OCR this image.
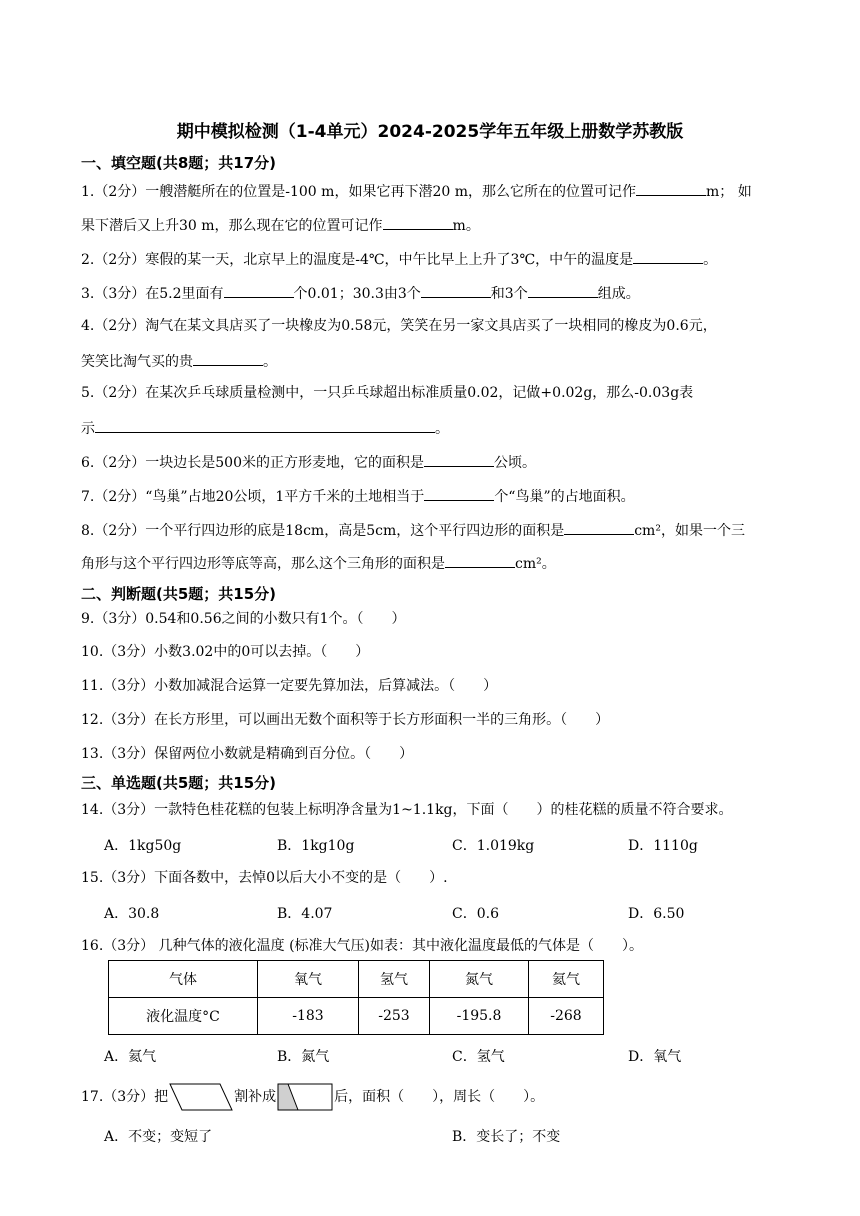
期中模拟检测（1-4单元）2024-2025学年五年级上册数学苏教版
一、填空题(共8题；共17分)
1.（2分）一艘潜艇所在的位置是-100 m，如果它再下潜20 m，那么它所在的位置可记作	m； 如
果下潜后又上升30 m，那么现在它的位置可记作	m。
2.（2分）寒假的某一天，北京早上的温度是-4℃，中午比早上上升了3℃，中午的温度是	。
3.（3分）在5.2里面有	个0.01；30.3由3个	和3个	组成。
4.（2分）淘气在某文具店买了一块橡皮为0.58元，笑笑在另一家文具店买了一块相同的橡皮为0.6元，
笑笑比淘气买的贵	。
5.（2分）在某次乒乓球质量检测中，一只乒乓球超出标准质量0.02，记做+0.02g，那么-0.03g表
示	。
6.（2分）一块边长是500米的正方形麦地，它的面积是	公顷。
7.（2分）“鸟巢”占地20公顷，1平方千米的土地相当于	个“鸟巢”的占地面积。
8.（2分）一个平行四边形的底是18cm，高是5cm，这个平行四边形的面积是	cm²，如果一个三
角形与这个平行四边形等底等高，那么这个三角形的面积是	cm²。
二、判断题(共5题；共15分)
9.（3分）0.54和0.56之间的小数只有1个。（　　）
10.（3分）小数3.02中的0可以去掉。（　　）
11.（3分）小数加减混合运算一定要先算加法，后算减法。（　　）
12.（3分）在长方形里，可以画出无数个面积等于长方形面积一半的三角形。（　　）
13.（3分）保留两位小数就是精确到百分位。（　　）
三、单选题(共5题；共15分)
14.（3分）一款特色桂花糕的包装上标明净含量为1~1.1kg，下面（　　）的桂花糕的质量不符合要求。
A．1kg50g	B．1kg10g	C．1.019kg	D．1110g
15.（3分）下面各数中，去悼0以后大小不变的是（　　）.
A．30.8	B．4.07	C．0.6	D．6.50
16.（3分） 几种气体的液化温度 (标准大气压)如表：其中液化温度最低的气体是（　　）。
气体	氧气	氢气	氮气	氦气
液化温度°C	-183	-253	-195.8	-268
A．氦气	B．氮气	C．氢气	D．氧气
17.（3分）把	割补成	后，面积（　　），周长（　　）。
A．不变；变短了	B．变长了；不变
